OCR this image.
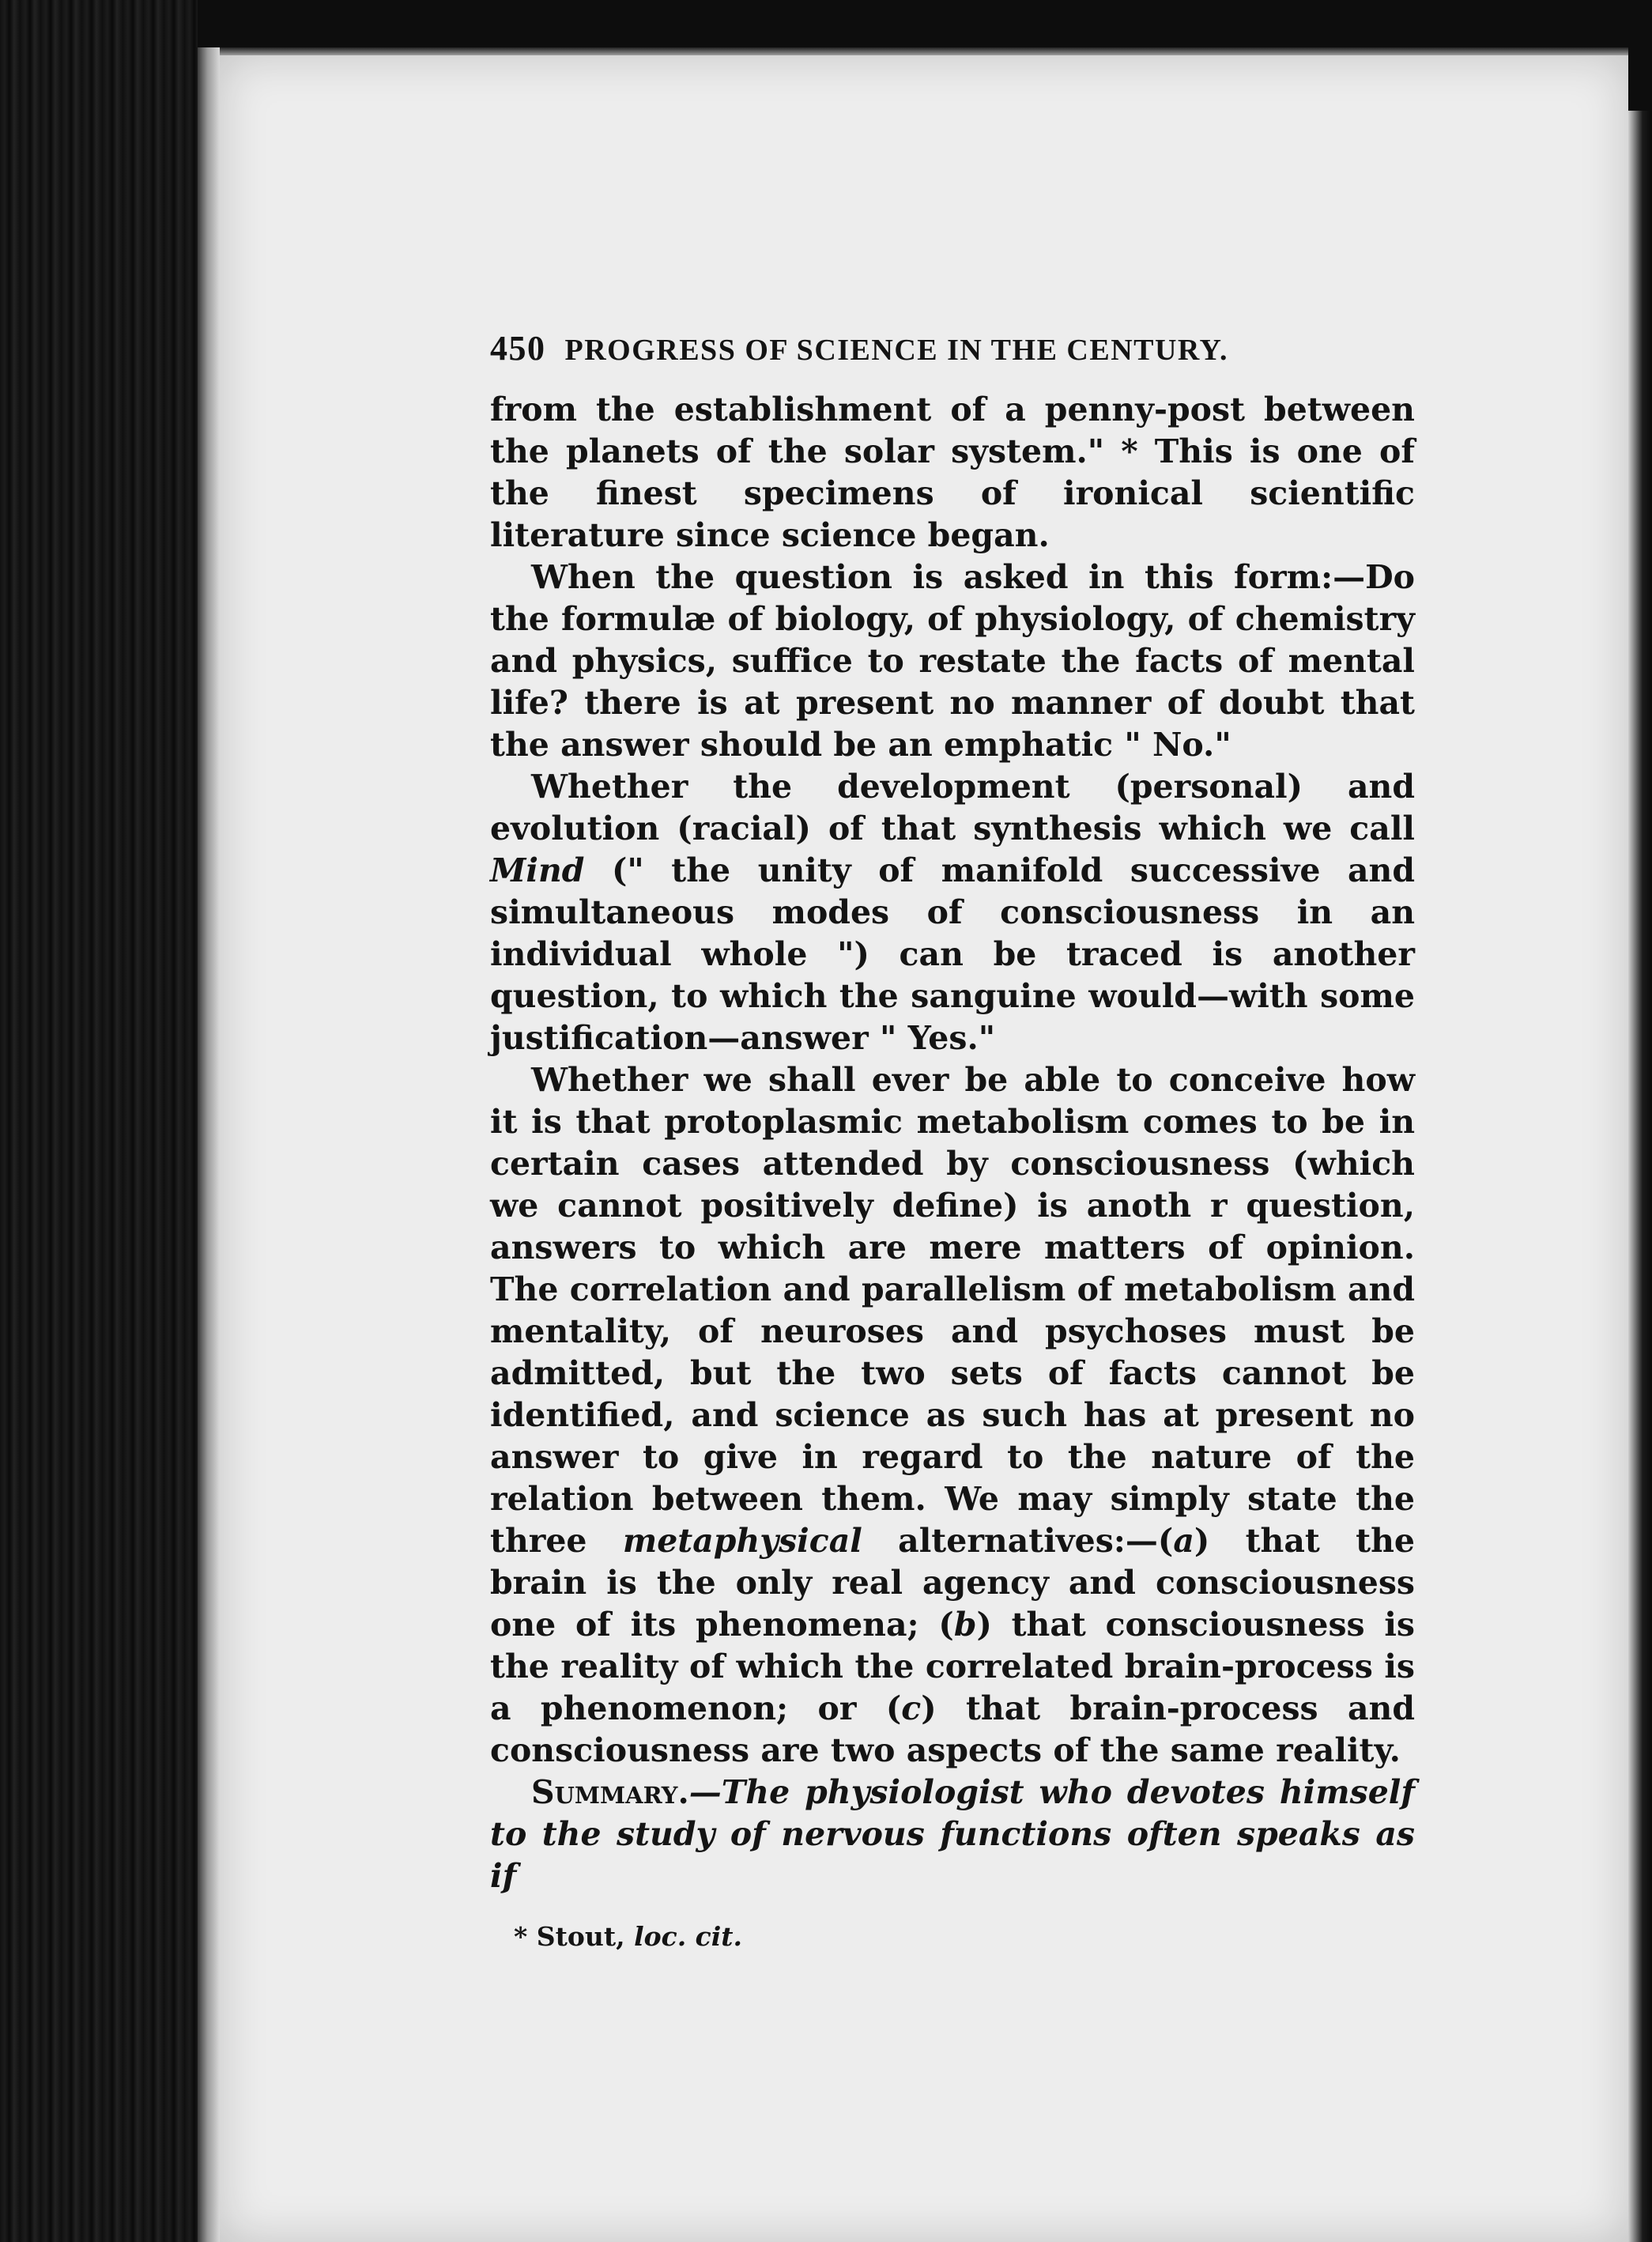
450 PROGRESS OF SCIENCE IN THE CENTURY.

from the establishment of a penny-post between the planets of the solar system." * This is one of the finest specimens of ironical scientific literature since science began.

When the question is asked in this form:—Do the formulæ of biology, of physiology, of chemistry and physics, suffice to restate the facts of mental life? there is at present no manner of doubt that the answer should be an emphatic " No."

Whether the development (personal) and evolution (racial) of that synthesis which we call Mind (" the unity of manifold successive and simultaneous modes of consciousness in an individual whole ") can be traced is another question, to which the sanguine would—with some justification—answer " Yes."

Whether we shall ever be able to conceive how it is that protoplasmic metabolism comes to be in certain cases attended by consciousness (which we cannot positively define) is anoth r question, answers to which are mere matters of opinion. The correlation and parallelism of metabolism and mentality, of neuroses and psychoses must be admitted, but the two sets of facts cannot be identified, and science as such has at present no answer to give in regard to the nature of the relation between them. We may simply state the three metaphysical alternatives:—(a) that the brain is the only real agency and consciousness one of its phenomena; (b) that consciousness is the reality of which the correlated brain-process is a phenomenon; or (c) that brain-process and consciousness are two aspects of the same reality.

Summary.—The physiologist who devotes himself to the study of nervous functions often speaks as if

* Stout, loc. cit.
